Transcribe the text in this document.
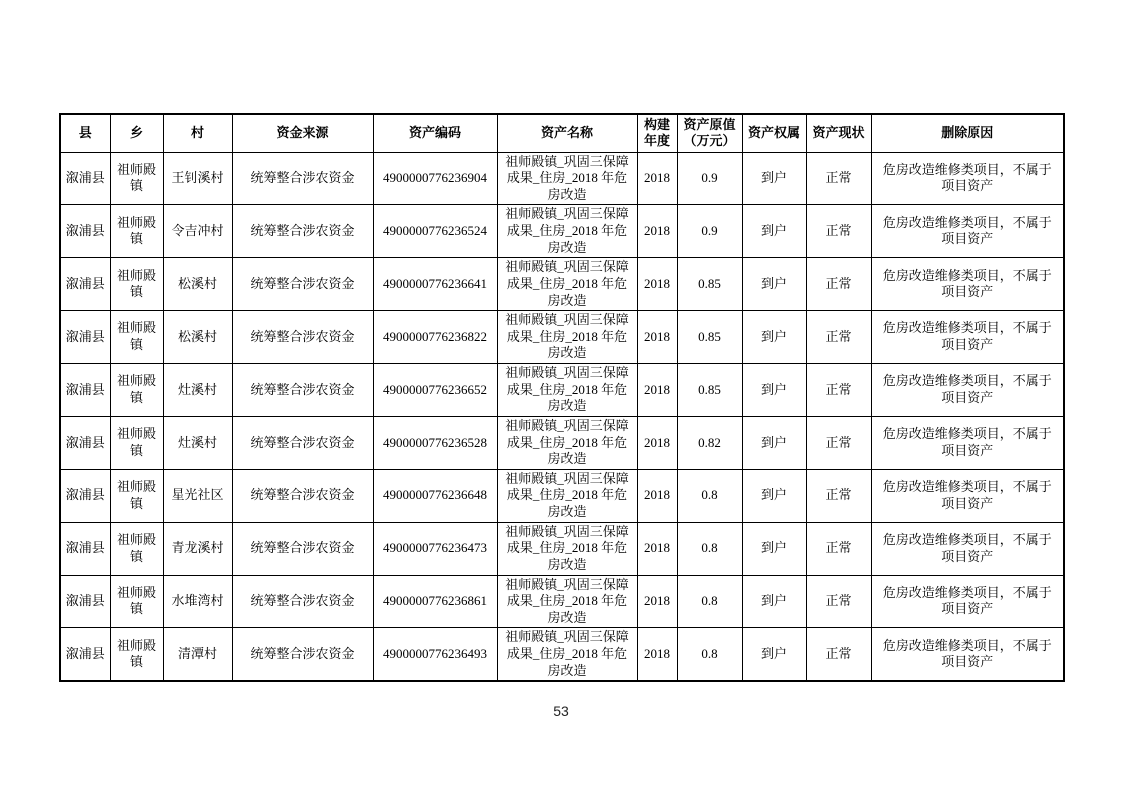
县	乡	村	资金来源	资产编码	资产名称	构建年度	资产原值（万元）	资产权属	资产现状	删除原因
溆浦县	祖师殿镇	王钊溪村	统筹整合涉农资金	4900000776236904	祖师殿镇_巩固三保障成果_住房_2018 年危房改造	2018	0.9	到户	正常	危房改造维修类项目，不属于项目资产
溆浦县	祖师殿镇	令吉冲村	统筹整合涉农资金	4900000776236524	祖师殿镇_巩固三保障成果_住房_2018 年危房改造	2018	0.9	到户	正常	危房改造维修类项目，不属于项目资产
溆浦县	祖师殿镇	松溪村	统筹整合涉农资金	4900000776236641	祖师殿镇_巩固三保障成果_住房_2018 年危房改造	2018	0.85	到户	正常	危房改造维修类项目，不属于项目资产
溆浦县	祖师殿镇	松溪村	统筹整合涉农资金	4900000776236822	祖师殿镇_巩固三保障成果_住房_2018 年危房改造	2018	0.85	到户	正常	危房改造维修类项目，不属于项目资产
溆浦县	祖师殿镇	灶溪村	统筹整合涉农资金	4900000776236652	祖师殿镇_巩固三保障成果_住房_2018 年危房改造	2018	0.85	到户	正常	危房改造维修类项目，不属于项目资产
溆浦县	祖师殿镇	灶溪村	统筹整合涉农资金	4900000776236528	祖师殿镇_巩固三保障成果_住房_2018 年危房改造	2018	0.82	到户	正常	危房改造维修类项目，不属于项目资产
溆浦县	祖师殿镇	星光社区	统筹整合涉农资金	4900000776236648	祖师殿镇_巩固三保障成果_住房_2018 年危房改造	2018	0.8	到户	正常	危房改造维修类项目，不属于项目资产
溆浦县	祖师殿镇	青龙溪村	统筹整合涉农资金	4900000776236473	祖师殿镇_巩固三保障成果_住房_2018 年危房改造	2018	0.8	到户	正常	危房改造维修类项目，不属于项目资产
溆浦县	祖师殿镇	水堆湾村	统筹整合涉农资金	4900000776236861	祖师殿镇_巩固三保障成果_住房_2018 年危房改造	2018	0.8	到户	正常	危房改造维修类项目，不属于项目资产
溆浦县	祖师殿镇	清潭村	统筹整合涉农资金	4900000776236493	祖师殿镇_巩固三保障成果_住房_2018 年危房改造	2018	0.8	到户	正常	危房改造维修类项目，不属于项目资产
53
